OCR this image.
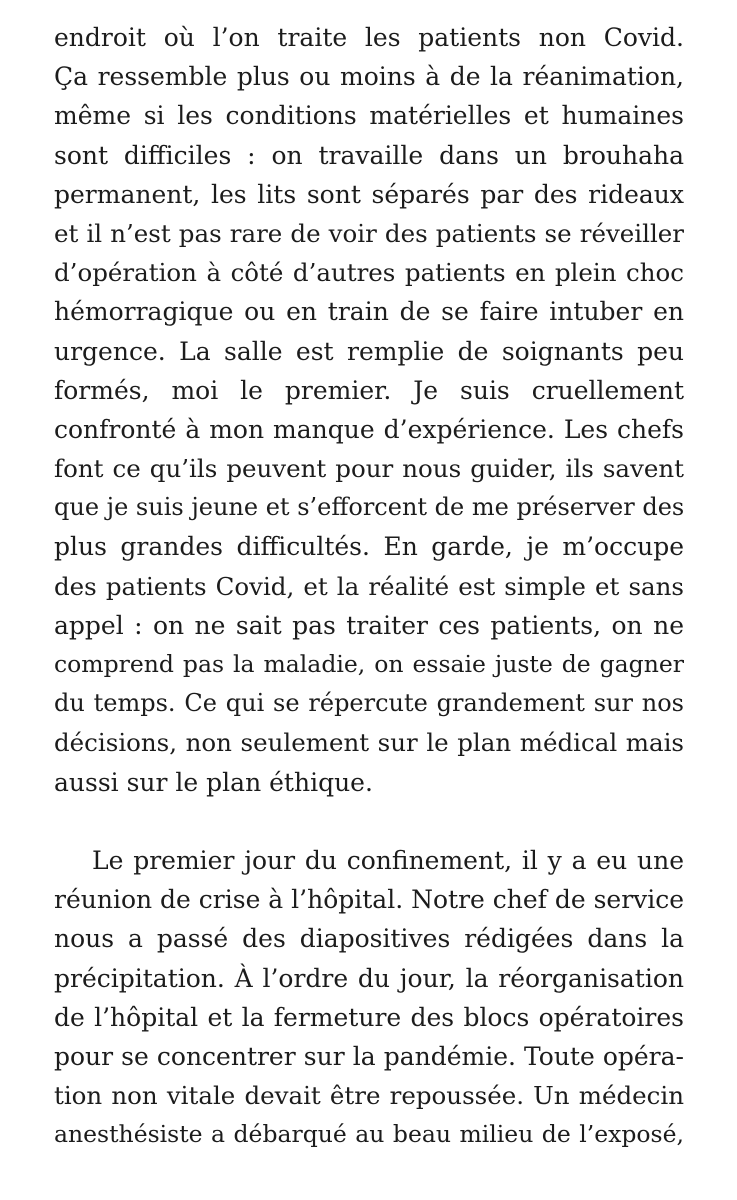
endroit où l’on traite les patients non Covid.
Ça ressemble plus ou moins à de la réanimation,
même si les conditions matérielles et humaines
sont difficiles : on travaille dans un brouhaha
permanent, les lits sont séparés par des rideaux
et il n’est pas rare de voir des patients se réveiller
d’opération à côté d’autres patients en plein choc
hémorragique ou en train de se faire intuber en
urgence. La salle est remplie de soignants peu
formés, moi le premier. Je suis cruellement
confronté à mon manque d’expérience. Les chefs
font ce qu’ils peuvent pour nous guider, ils savent
que je suis jeune et s’efforcent de me préserver des
plus grandes difficultés. En garde, je m’occupe
des patients Covid, et la réalité est simple et sans
appel : on ne sait pas traiter ces patients, on ne
comprend pas la maladie, on essaie juste de gagner
du temps. Ce qui se répercute grandement sur nos
décisions, non seulement sur le plan médical mais
aussi sur le plan éthique.
Le premier jour du confinement, il y a eu une
réunion de crise à l’hôpital. Notre chef de service
nous a passé des diapositives rédigées dans la
précipitation. À l’ordre du jour, la réorganisation
de l’hôpital et la fermeture des blocs opératoires
pour se concentrer sur la pandémie. Toute opéra-
tion non vitale devait être repoussée. Un médecin
anesthésiste a débarqué au beau milieu de l’exposé,
